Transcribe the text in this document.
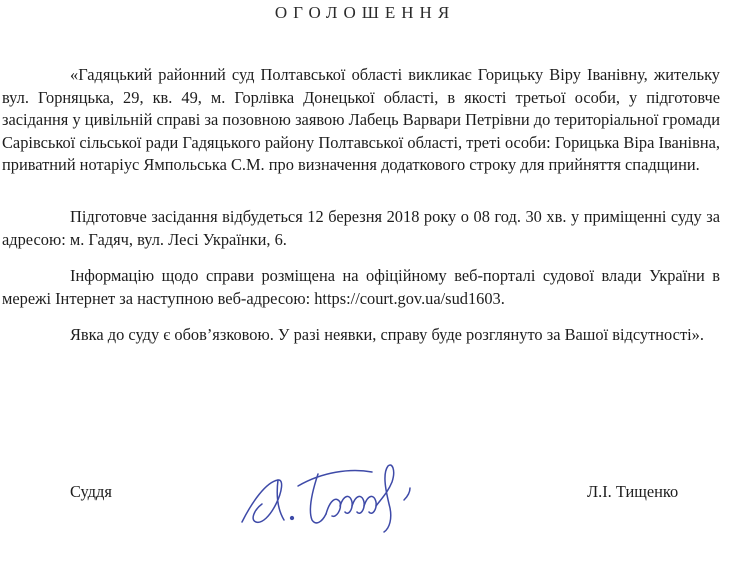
ОГОЛОШЕННЯ

«Гадяцький районний суд Полтавської області викликає Горицьку Віру Іванівну, жительку вул. Горняцька, 29, кв. 49, м. Горлівка Донецької області, в якості третьої особи, у підготовче засідання у цивільній справі за позовною заявою Лабець Варвари Петрівни до територіальної громади Сарівської сільської ради Гадяцького району Полтавської області, треті особи: Горицька Віра Іванівна, приватний нотаріус Ямпольська С.М. про визначення додаткового строку для прийняття спадщини.

Підготовче засідання відбудеться 12 березня 2018 року о 08 год. 30 хв. у приміщенні суду за адресою: м. Гадяч, вул. Лесі Українки, 6.

Інформацію щодо справи розміщена на офіційному веб-порталі судової влади України в мережі Інтернет за наступною веб-адресою: https://court.gov.ua/sud1603.

Явка до суду є обов’язковою. У разі неявки, справу буде розглянуто за Вашої відсутності».

Суддя	Л.І. Тищенко
